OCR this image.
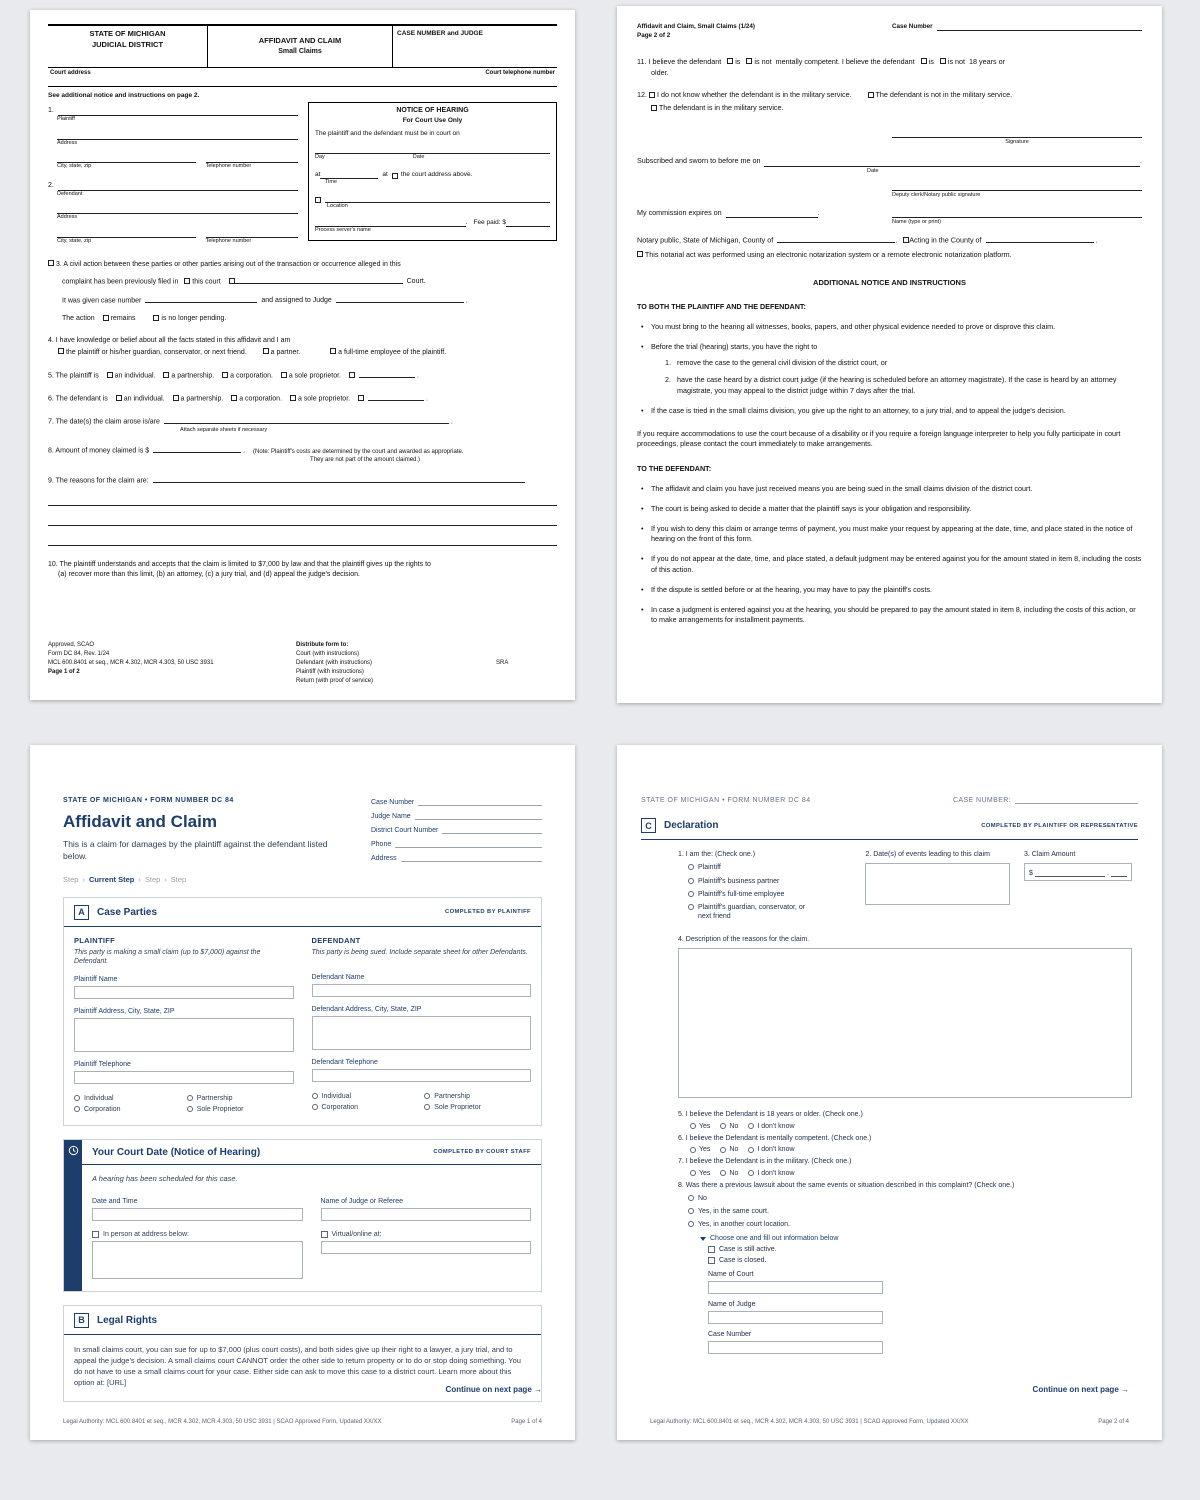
STATE OF MICHIGAN
JUDICIAL DISTRICT	AFFIDAVIT AND CLAIM
Small Claims
CASE NUMBER and JUDGE
Court address	Court telephone number
See additional notice and instructions on page 2.
1.
Plaintiff
Address
City, state, zip	Telephone number
2.
Defendant
Address
City, state, zip	Telephone number
NOTICE OF HEARING
For Court Use Only
The plaintiff and the defendant must be in court on
Day	Date
at	at the court address above.
Time
Location
. Fee paid: $
Process server's name
3. A civil action between these parties or other parties arising out of the transaction or occurrence alleged in this
complaint has been previously filed in this court	Court.
It was given case number	and assigned to Judge	.
The action remains	is no longer pending.
4. I have knowledge or belief about all the facts stated in this affidavit and I am
the plaintiff or his/her guardian, conservator, or next friend.	a partner.	a full-time employee of the plaintiff.
5. The plaintiff is an individual. a partnership. a corporation. a sole proprietor.	.
6. The defendant is an individual. a partnership. a corporation. a sole proprietor.	.
7. The date(s) the claim arose is/are	.
Attach separate sheets if necessary
8. Amount of money claimed is $	. (Note: Plaintiff's costs are determined by the court and awarded as appropriate.
They are not part of the amount claimed.)
9. The reasons for the claim are:
10. The plaintiff understands and accepts that the claim is limited to $7,000 by law and that the plaintiff gives up the rights to
(a) recover more than this limit, (b) an attorney, (c) a jury trial, and (d) appeal the judge's decision.
Approved, SCAO
Form DC 84, Rev. 1/24
MCL 600.8401 et seq., MCR 4.302, MCR 4.303, 50 USC 3931
Page 1 of 2
Distribute form to:
Court (with instructions)
Defendant (with instructions)
Plaintiff (with instructions)
Return (with proof of service)
SRA
Affidavit and Claim, Small Claims (1/24)
Page 2 of 2
Case Number
11. I believe the defendant is is not mentally competent. I believe the defendant is is not 18 years or
older.
12. I do not know whether the defendant is in the military service.	The defendant is not in the military service.
The defendant is in the military service.
Signature
Subscribed and sworn to before me on	.
Date
Deputy clerk/Notary public signature
My commission expires on	.
Name (type or print)
Notary public, State of Michigan, County of	. Acting in the County of	.
This notarial act was performed using an electronic notarization system or a remote electronic notarization platform.
ADDITIONAL NOTICE AND INSTRUCTIONS
TO BOTH THE PLAINTIFF AND THE DEFENDANT:
•	You must bring to the hearing all witnesses, books, papers, and other physical evidence needed to prove or disprove this claim.
•	Before the trial (hearing) starts, you have the right to
1. remove the case to the general civil division of the district court, or
2. have the case heard by a district court judge (if the hearing is scheduled before an attorney magistrate). If the case is heard by an attorney magistrate, you may appeal to the district judge within 7 days after the trial.
•	If the case is tried in the small claims division, you give up the right to an attorney, to a jury trial, and to appeal the judge's decision.
If you require accommodations to use the court because of a disability or if you require a foreign language interpreter to help you fully participate in court proceedings, please contact the court immediately to make arrangements.
TO THE DEFENDANT:
•	The affidavit and claim you have just received means you are being sued in the small claims division of the district court.
•	The court is being asked to decide a matter that the plaintiff says is your obligation and responsibility.
•	If you wish to deny this claim or arrange terms of payment, you must make your request by appearing at the date, time, and place stated in the notice of hearing on the front of this form.
•	If you do not appear at the date, time, and place stated, a default judgment may be entered against you for the amount stated in item 8, including the costs of this action.
•	If the dispute is settled before or at the hearing, you may have to pay the plaintiff's costs.
•	In case a judgment is entered against you at the hearing, you should be prepared to pay the amount stated in item 8, including the costs of this action, or to make arrangements for installment payments.
STATE OF MICHIGAN • FORM NUMBER DC 84
Affidavit and Claim

This is a claim for damages by the plaintiff against the defendant listed below.

Step › Current Step › Step › Step
Case Number
Judge Name
District Court Number
Phone
Address
A	Case Parties	COMPLETED BY PLAINTIFF
PLAINTIFF
This party is making a small claim (up to $7,000) against the Defendant.
Plaintiff Name
Plaintiff Address, City, State, ZIP
Plaintiff Telephone
Individual	Partnership
Corporation	Sole Proprietor
DEFENDANT
This party is being sued. Include separate sheet for other Defendants.
Defendant Name
Defendant Address, City, State, ZIP
Defendant Telephone
Individual	Partnership
Corporation	Sole Proprietor
Your Court Date (Notice of Hearing)	COMPLETED BY COURT STAFF
A hearing has been scheduled for this case.
Date and Time
In person at address below:
Name of Judge or Referee
Virtual/online at:
B	Legal Rights
In small claims court, you can sue for up to $7,000 (plus court costs), and both sides give up their right to a lawyer, a jury trial, and to appeal the judge's decision. A small claims court CANNOT order the other side to return property or to do or stop doing something. You do not have to use a small claims court for your case. Either side can ask to move this case to a district court. Learn more about this option at: [URL]
Continue on next page →
Legal Authority: MCL 600.8401 et seq., MCR 4.302, MCR 4.303, 50 USC 3931 | SCAO Approved Form, Updated XX/XX	Page 1 of 4
STATE OF MICHIGAN • FORM NUMBER DC 84	CASE NUMBER:
C	Declaration	COMPLETED BY PLAINTIFF OR REPRESENTATIVE
1. I am the: (Check one.)
Plaintiff
Plaintiff's business partner
Plaintiff's full-time employee
Plaintiff's guardian, conservator, or next friend
2. Date(s) of events leading to this claim	3. Claim Amount
$	.
4. Description of the reasons for the claim.
5. I believe the Defendant is 18 years or older. (Check one.)
Yes	No	I don't know
6. I believe the Defendant is mentally competent. (Check one.)
Yes	No	I don't know
7. I believe the Defendant is in the military. (Check one.)
Yes	No	I don't know
8. Was there a previous lawsuit about the same events or situation described in this complaint? (Check one.)
No
Yes, in the same court.
Yes, in another court location.
Choose one and fill out information below
Case is still active.
Case is closed.
Name of Court
Name of Judge
Case Number
Continue on next page →
Legal Authority: MCL 600.8401 et seq., MCR 4.302, MCR 4.303, 50 USC 3931 | SCAO Approved Form, Updated XX/XX	Page 2 of 4
